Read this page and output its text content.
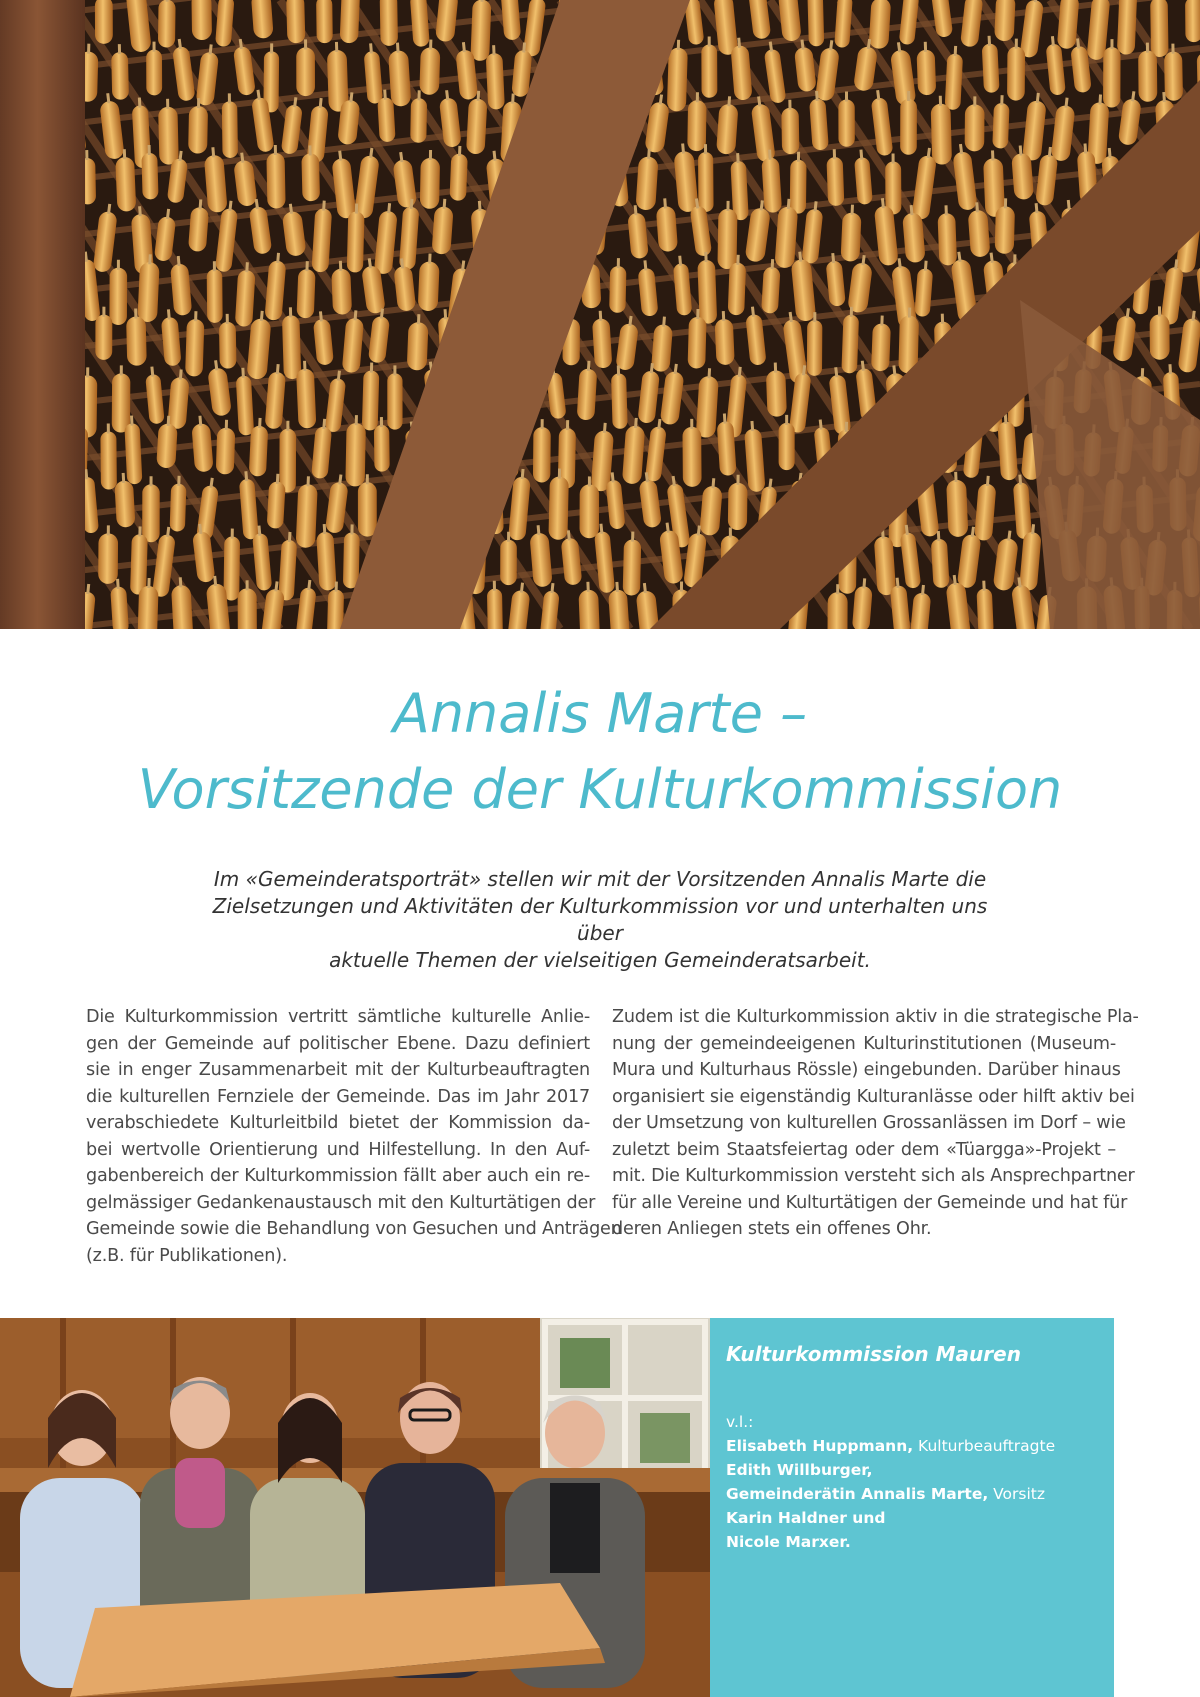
Annalis Marte –
Vorsitzende der Kulturkommission

Im «Gemeinderatsporträt» stellen wir mit der Vorsitzenden Annalis Marte die
Zielsetzungen und Aktivitäten der Kulturkommission vor und unterhalten uns über
aktuelle Themen der vielseitigen Gemeinderatsarbeit.

Die Kulturkommission vertritt sämtliche kulturelle Anlie-
gen der Gemeinde auf politischer Ebene. Dazu definiert
sie in enger Zusammenarbeit mit der Kulturbeauftragten
die kulturellen Fernziele der Gemeinde. Das im Jahr 2017
verabschiedete Kulturleitbild bietet der Kommission da-
bei wertvolle Orientierung und Hilfestellung. In den Auf-
gabenbereich der Kulturkommission fällt aber auch ein re-
gelmässiger Gedankenaustausch mit den Kulturtätigen der
Gemeinde sowie die Behandlung von Gesuchen und Anträgen
(z.B. für Publikationen).
Zudem ist die Kulturkommission aktiv in die strategische Pla-
nung der gemeindeeigenen Kulturinstitutionen (Museum-
Mura und Kulturhaus Rössle) eingebunden. Darüber hinaus
organisiert sie eigenständig Kulturanlässe oder hilft aktiv bei
der Umsetzung von kulturellen Grossanlässen im Dorf – wie
zuletzt beim Staatsfeiertag oder dem «Tüargga»-Projekt –
mit. Die Kulturkommission versteht sich als Ansprechpartner
für alle Vereine und Kulturtätigen der Gemeinde und hat für
deren Anliegen stets ein offenes Ohr.
Kulturkommission Mauren
v.l.:
Elisabeth Huppmann, Kulturbeauftragte
Edith Willburger,
Gemeinderätin Annalis Marte, Vorsitz
Karin Haldner und
Nicole Marxer.
